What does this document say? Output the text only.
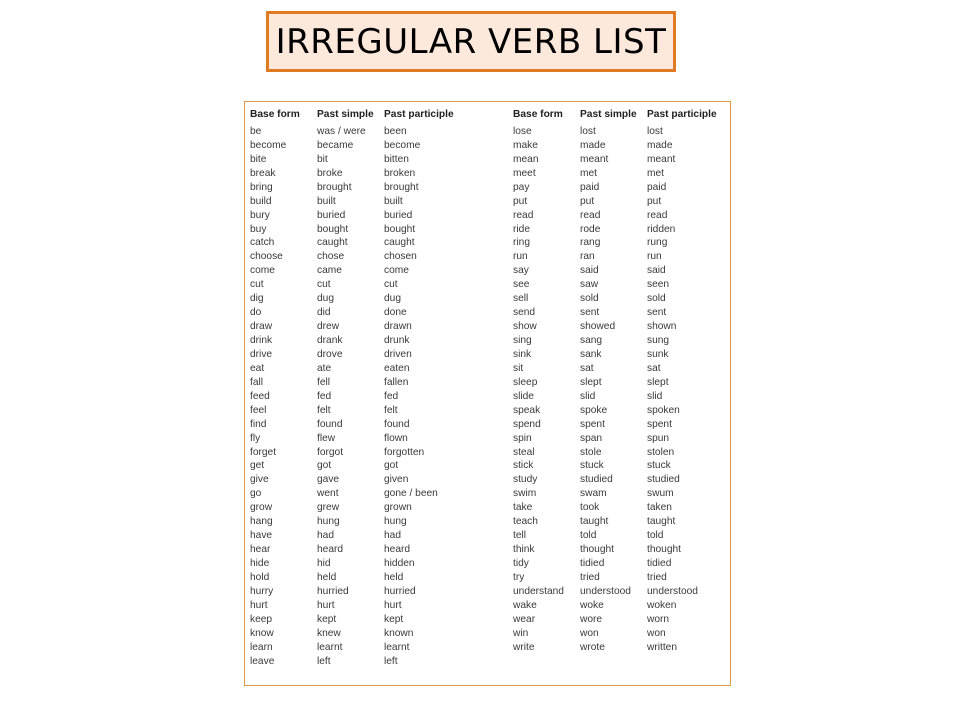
IRREGULAR VERB LIST
Base form
be
become
bite
break
bring
build
bury
buy
catch
choose
come
cut
dig
do
draw
drink
drive
eat
fall
feed
feel
find
fly
forget
get
give
go
grow
hang
have
hear
hide
hold
hurry
hurt
keep
know
learn
leave
Past simple
was / were
became
bit
broke
brought
built
buried
bought
caught
chose
came
cut
dug
did
drew
drank
drove
ate
fell
fed
felt
found
flew
forgot
got
gave
went
grew
hung
had
heard
hid
held
hurried
hurt
kept
knew
learnt
left
Past participle
been
become
bitten
broken
brought
built
buried
bought
caught
chosen
come
cut
dug
done
drawn
drunk
driven
eaten
fallen
fed
felt
found
flown
forgotten
got
given
gone / been
grown
hung
had
heard
hidden
held
hurried
hurt
kept
known
learnt
left
Base form
lose
make
mean
meet
pay
put
read
ride
ring
run
say
see
sell
send
show
sing
sink
sit
sleep
slide
speak
spend
spin
steal
stick
study
swim
take
teach
tell
think
tidy
try
understand
wake
wear
win
write
Past simple
lost
made
meant
met
paid
put
read
rode
rang
ran
said
saw
sold
sent
showed
sang
sank
sat
slept
slid
spoke
spent
span
stole
stuck
studied
swam
took
taught
told
thought
tidied
tried
understood
woke
wore
won
wrote
Past participle
lost
made
meant
met
paid
put
read
ridden
rung
run
said
seen
sold
sent
shown
sung
sunk
sat
slept
slid
spoken
spent
spun
stolen
stuck
studied
swum
taken
taught
told
thought
tidied
tried
understood
woken
worn
won
written
